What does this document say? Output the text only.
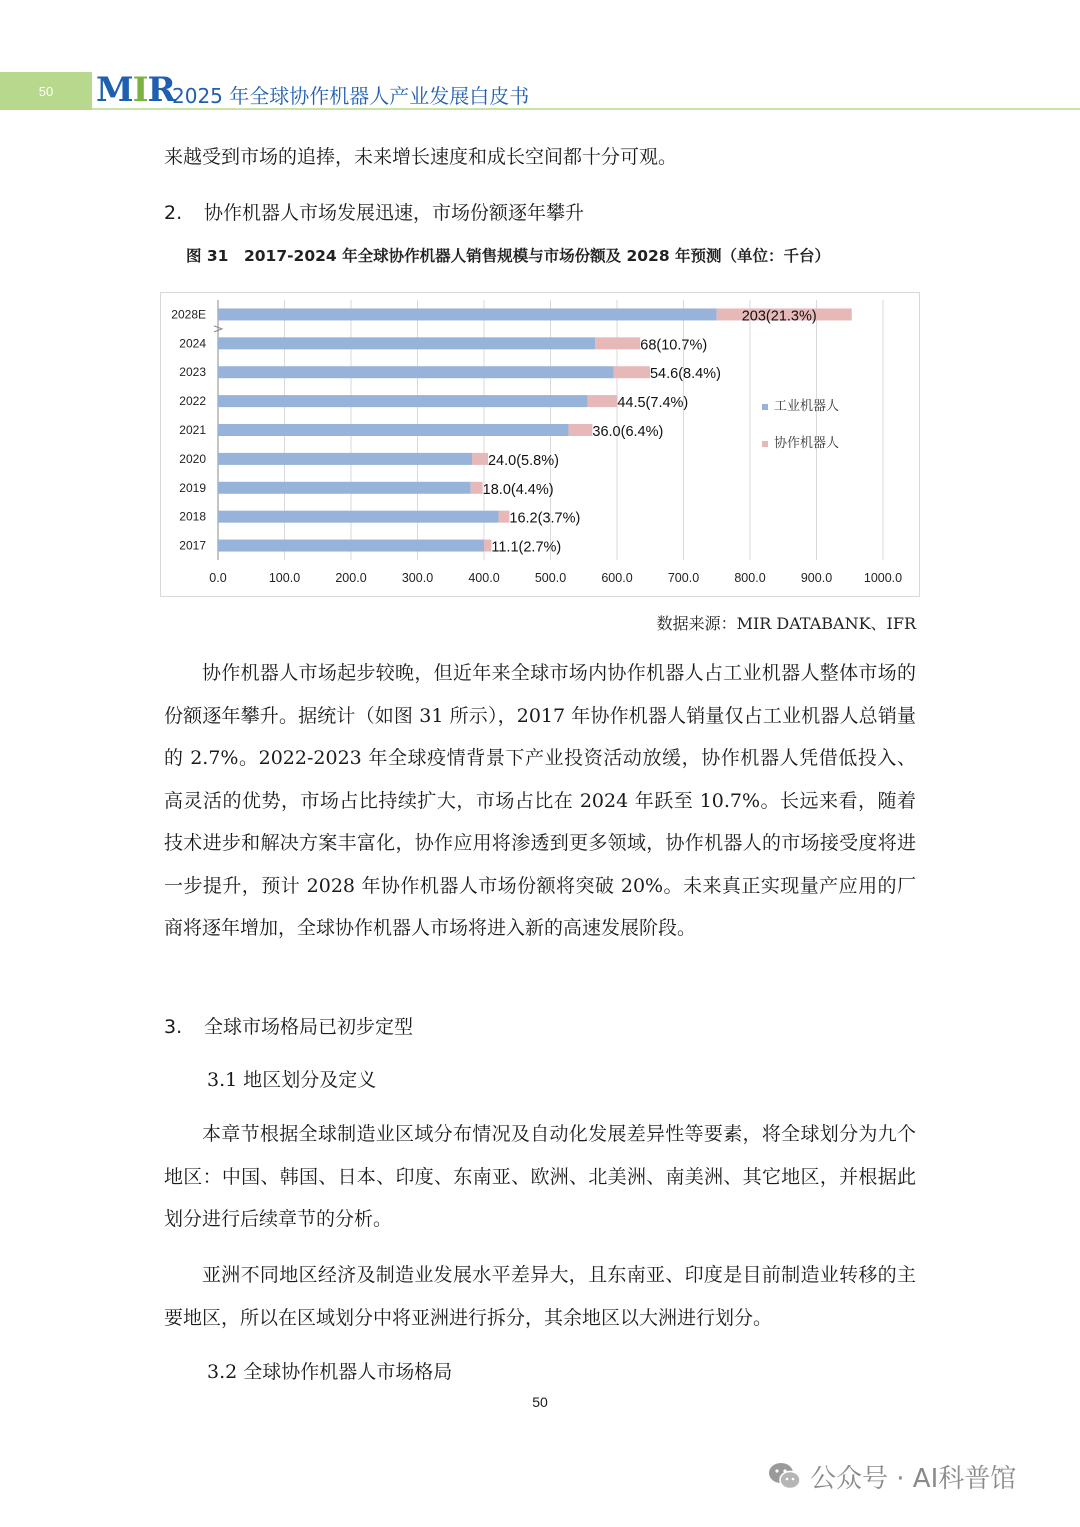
50 MIR
2025 年全球协作机器人产业发展白皮书
来越受到市场的追捧，未来增长速度和成长空间都十分可观。
2. 协作机器人市场发展迅速，市场份额逐年攀升
图 31　2017-2024 年全球协作机器人销售规模与市场份额及 2028 年预测（单位：千台）
0.0	100.0	200.0	300.0	400.0	500.0	600.0	700.0	800.0	900.0	1000.0
2017	11.1(2.7%)
2018	16.2(3.7%)
2019	18.0(4.4%)
2020	24.0(5.8%)
2021	36.0(6.4%)
2022	44.5(7.4%)
2023	54.6(8.4%)
2024	68(10.7%)
2028E	203(21.3%)
工业机器人
协作机器人
数据来源：MIR DATABANK、IFR
协作机器人市场起步较晚，但近年来全球市场内协作机器人占工业机器人整体市场的份额逐年攀升。据统计（如图 31 所示），2017 年协作机器人销量仅占工业机器人总销量的 2.7%。2022-2023 年全球疫情背景下产业投资活动放缓，协作机器人凭借低投入、高灵活的优势，市场占比持续扩大，市场占比在 2024 年跃至 10.7%。长远来看，随着技术进步和解决方案丰富化，协作应用将渗透到更多领域，协作机器人的市场接受度将进一步提升，预计 2028 年协作机器人市场份额将突破 20%。未来真正实现量产应用的厂商将逐年增加，全球协作机器人市场将进入新的高速发展阶段。
3. 全球市场格局已初步定型
3.1 地区划分及定义
本章节根据全球制造业区域分布情况及自动化发展差异性等要素，将全球划分为九个地区：中国、韩国、日本、印度、东南亚、欧洲、北美洲、南美洲、其它地区，并根据此划分进行后续章节的分析。
亚洲不同地区经济及制造业发展水平差异大，且东南亚、印度是目前制造业转移的主要地区，所以在区域划分中将亚洲进行拆分，其余地区以大洲进行划分。
3.2 全球协作机器人市场格局
50
公众号 · AI科普馆
